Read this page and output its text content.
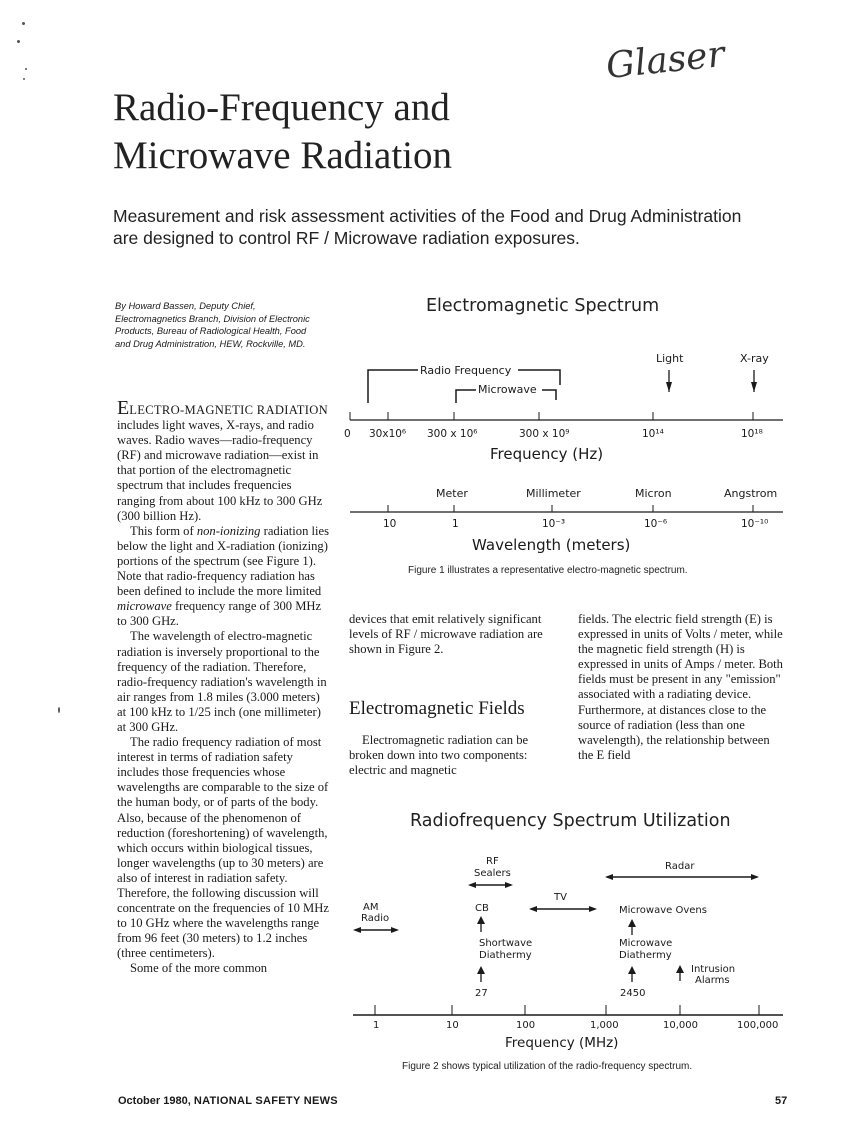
Glaser
Radio-Frequency and
Microwave Radiation
Measurement and risk assessment activities of the Food and Drug Administration are designed to control RF / Microwave radiation exposures.
By Howard Bassen, Deputy Chief, Electromagnetics Branch, Division of Electronic Products, Bureau of Radiological Health, Food and Drug Administration, HEW, Rockville, MD.

ELECTRO-MAGNETIC RADIATION includes light waves, X-rays, and radio waves. Radio waves—radio-frequency (RF) and microwave radiation—exist in that portion of the electromagnetic spectrum that includes frequencies ranging from about 100 kHz to 300 GHz (300 billion Hz).

This form of non-ionizing radiation lies below the light and X-radiation (ionizing) portions of the spectrum (see Figure 1). Note that radio-frequency radiation has been defined to include the more limited microwave frequency range of 300 MHz to 300 GHz.

The wavelength of electro-magnetic radiation is inversely proportional to the frequency of the radiation. Therefore, radio-frequency radiation's wavelength in air ranges from 1.8 miles (3.000 meters) at 100 kHz to 1/25 inch (one millimeter) at 300 GHz.

The radio frequency radiation of most interest in terms of radiation safety includes those frequencies whose wavelengths are comparable to the size of the human body, or of parts of the body. Also, because of the phenomenon of reduction (foreshortening) of wavelength, which occurs within biological tissues, longer wavelengths (up to 30 meters) are also of interest in radiation safety. Therefore, the following discussion will concentrate on the frequencies of 10 MHz to 10 GHz where the wavelengths range from 96 feet (30 meters) to 1.2 inches (three centimeters).

Some of the more common

devices that emit relatively significant levels of RF / microwave radiation are shown in Figure 2.
Electromagnetic Fields
Electromagnetic radiation can be broken down into two components: electric and magnetic
fields. The electric field strength (E) is expressed in units of Volts / meter, while the magnetic field strength (H) is expressed in units of Amps / meter. Both fields must be present in any "emission" associated with a radiating device. Furthermore, at distances close to the source of radiation (less than one wavelength), the relationship between the E field
Electromagnetic Spectrum
Radio Frequency
Microwave
Light	X-ray
0 30x10⁶ 300 x 10⁶	300 x 10⁹	10¹⁴	10¹⁸
Frequency (Hz)
Meter	Millimeter	Micron	Angstrom
10	1	10⁻³	10⁻⁶	10⁻¹⁰
Wavelength (meters)
Figure 1 illustrates a representative electro-magnetic spectrum.
Radiofrequency Spectrum Utilization
AM
Radio
RF
Sealers
CB
TV
Radar
Microwave Ovens
Shortwave
Diathermy
27
Microwave
Diathermy
2450
Intrusion
Alarms
1	10	100	1,000	10,000	100,000
Frequency (MHz)
Figure 2 shows typical utilization of the radio-frequency spectrum.
October 1980, NATIONAL SAFETY NEWS	57
